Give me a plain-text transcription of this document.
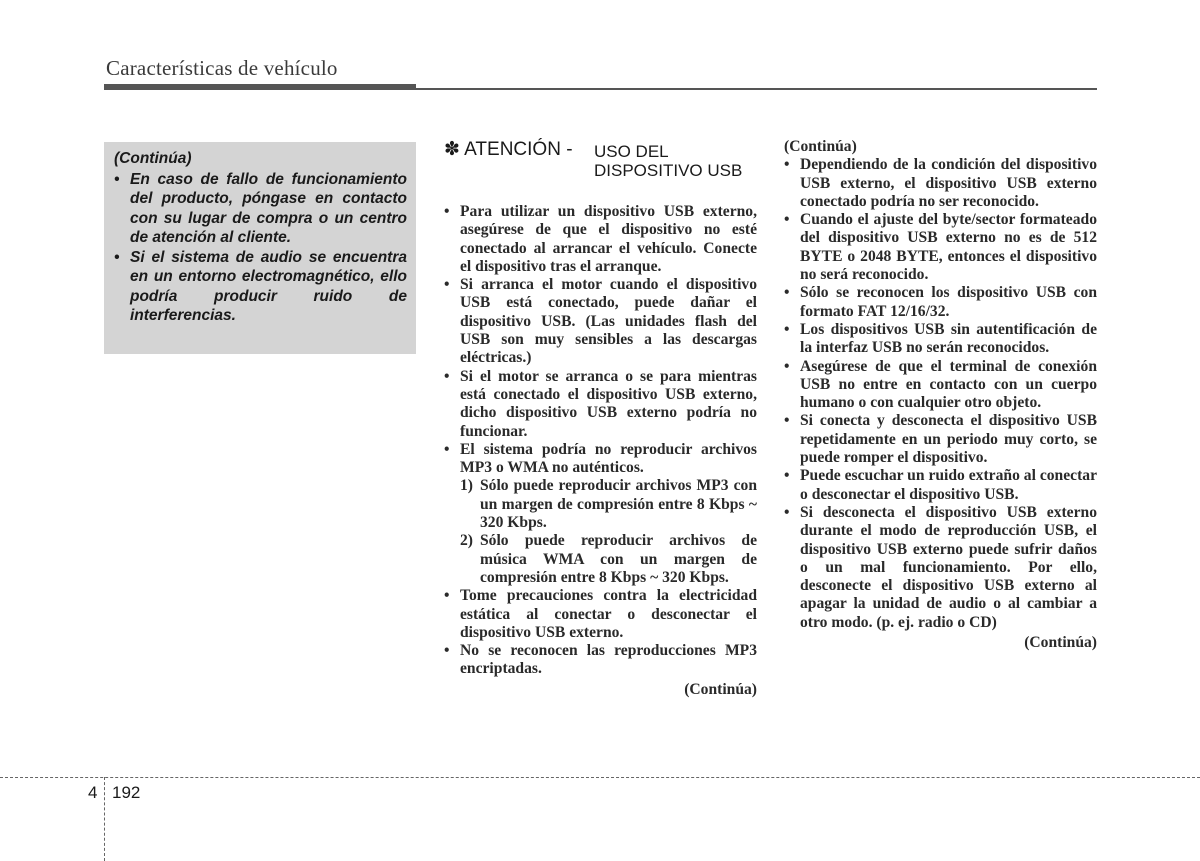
Características de vehículo
(Continúa)
• En caso de fallo de funcionamiento del producto, póngase en contacto con su lugar de compra o un centro de atención al cliente.
• Si el sistema de audio se encuentra en un entorno electromagnético, ello podría producir ruido de interferencias.
✽ ATENCIÓN - USO DEL DISPOSITIVO USB
• Para utilizar un dispositivo USB externo, asegúrese de que el dispositivo no esté conectado al arrancar el vehículo. Conecte el dispositivo tras el arranque.
• Si arranca el motor cuando el dispositivo USB está conectado, puede dañar el dispositivo USB. (Las unidades flash del USB son muy sensibles a las descargas eléctricas.)
• Si el motor se arranca o se para mientras está conectado el dispositivo USB externo, dicho dispositivo USB externo podría no funcionar.
• El sistema podría no reproducir archivos MP3 o WMA no auténticos.
1) Sólo puede reproducir archivos MP3 con un margen de compresión entre 8 Kbps ~ 320 Kbps.
2) Sólo puede reproducir archivos de música WMA con un margen de compresión entre 8 Kbps ~ 320 Kbps.
• Tome precauciones contra la electricidad estática al conectar o desconectar el dispositivo USB externo.
• No se reconocen las reproducciones MP3 encriptadas.
(Continúa)
(Continúa)
• Dependiendo de la condición del dispositivo USB externo, el dispositivo USB externo conectado podría no ser reconocido.
• Cuando el ajuste del byte/sector formateado del dispositivo USB externo no es de 512 BYTE o 2048 BYTE, entonces el dispositivo no será reconocido.
• Sólo se reconocen los dispositivo USB con formato FAT 12/16/32.
• Los dispositivos USB sin autentificación de la interfaz USB no serán reconocidos.
• Asegúrese de que el terminal de conexión USB no entre en contacto con un cuerpo humano o con cualquier otro objeto.
• Si conecta y desconecta el dispositivo USB repetidamente en un periodo muy corto, se puede romper el dispositivo.
• Puede escuchar un ruido extraño al conectar o desconectar el dispositivo USB.
• Si desconecta el dispositivo USB externo durante el modo de reproducción USB, el dispositivo USB externo puede sufrir daños o un mal funcionamiento. Por ello, desconecte el dispositivo USB externo al apagar la unidad de audio o al cambiar a otro modo. (p. ej. radio o CD)
(Continúa)
4 192
